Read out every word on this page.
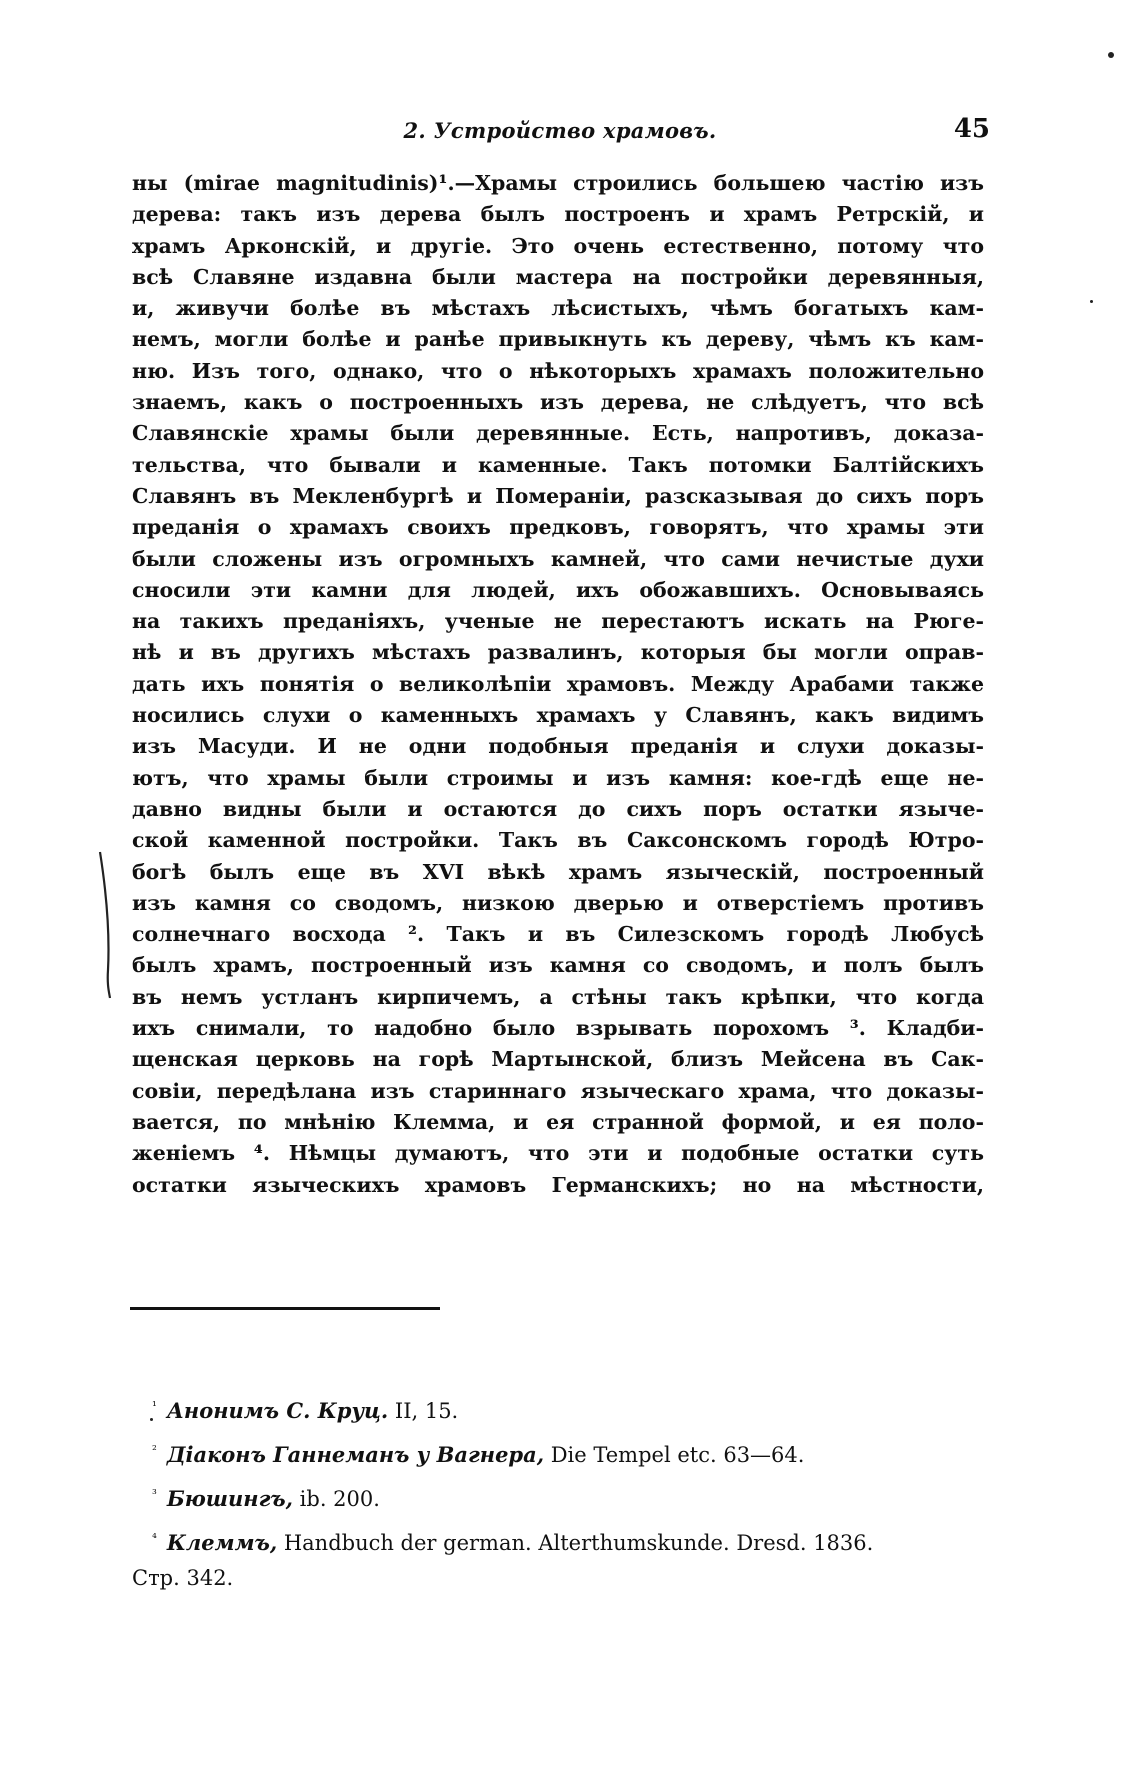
2. Устройство храмовъ.	45
ны (mirae magnitudinis)¹.—Храмы строились большею частію изъ
дерева: такъ изъ дерева былъ построенъ и храмъ Ретрскій, и
храмъ Арконскій, и другіе. Это очень естественно, потому что
всѣ Славяне издавна были мастера на постройки деревянныя,
и, живучи болѣе въ мѣстахъ лѣсистыхъ, чѣмъ богатыхъ кам-
немъ, могли болѣе и ранѣе привыкнуть къ дереву, чѣмъ къ кам-
ню. Изъ того, однако, что о нѣкоторыхъ храмахъ положительно
знаемъ, какъ о построенныхъ изъ дерева, не слѣдуетъ, что всѣ
Славянскіе храмы были деревянные. Есть, напротивъ, доказа-
тельства, что бывали и каменные. Такъ потомки Балтійскихъ
Славянъ въ Мекленбургѣ и Помераніи, разсказывая до сихъ поръ
преданія о храмахъ своихъ предковъ, говорятъ, что храмы эти
были сложены изъ огромныхъ камней, что сами нечистые духи
сносили эти камни для людей, ихъ обожавшихъ. Основываясь
на такихъ преданіяхъ, ученые не перестаютъ искать на Рюге-
нѣ и въ другихъ мѣстахъ развалинъ, которыя бы могли оправ-
дать ихъ понятія о великолѣпіи храмовъ. Между Арабами также
носились слухи о каменныхъ храмахъ у Славянъ, какъ видимъ
изъ Масуди. И не одни подобныя преданія и слухи доказы-
ютъ, что храмы были строимы и изъ камня: кое-гдѣ еще не-
давно видны были и остаются до сихъ поръ остатки языче-
ской каменной постройки. Такъ въ Саксонскомъ городѣ Ютро-
богѣ былъ еще въ XVI вѣкѣ храмъ языческій, построенный
изъ камня со сводомъ, низкою дверью и отверстіемъ противъ
солнечнаго восхода ². Такъ и въ Силезскомъ городѣ Любусѣ
былъ храмъ, построенный изъ камня со сводомъ, и полъ былъ
въ немъ устланъ кирпичемъ, а стѣны такъ крѣпки, что когда
ихъ снимали, то надобно было взрывать порохомъ ³. Кладби-
щенская церковь на горѣ Мартынской, близъ Мейсена въ Сак-
совіи, передѣлана изъ стариннаго языческаго храма, что доказы-
вается, по мнѣнію Клемма, и ея странной формой, и ея поло-
женіемъ ⁴. Нѣмцы думаютъ, что эти и подобные остатки суть
остатки языческихъ храмовъ Германскихъ; но на мѣстности,
$^{^1}$ Анонимъ С. Круц. II, 15.
$^{^2}$ Діаконъ Ганнеманъ у Вагнера, Die Tempel etc. 63—64.
$^{^3}$ Бюшингъ, ib. 200.
$^{^4}$ Клеммъ, Handbuch der german. Alterthumskunde. Dresd. 1836.
Стр. 342.
